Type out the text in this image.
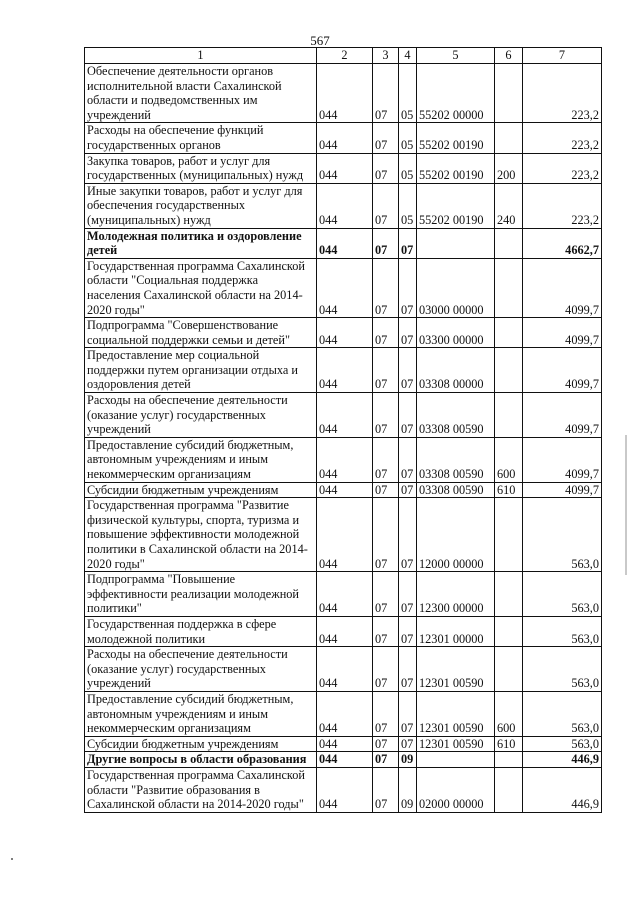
567
1	2	3	4	5	6	7
Обеспечение деятельности органов исполнительной власти Сахалинской области и подведомственных им учреждений	044	07	05	55202 00000		223,2
Расходы на обеспечение функций государственных органов	044	07	05	55202 00190		223,2
Закупка товаров, работ и услуг для государственных (муниципальных) нужд	044	07	05	55202 00190	200	223,2
Иные закупки товаров, работ и услуг для обеспечения государственных (муниципальных) нужд	044	07	05	55202 00190	240	223,2
Молодежная политика и оздоровление детей	044	07	07			4662,7
Государственная программа Сахалинской области "Социальная поддержка населения Сахалинской области на 2014-2020 годы"	044	07	07	03000 00000		4099,7
Подпрограмма "Совершенствование социальной поддержки семьи и детей"	044	07	07	03300 00000		4099,7
Предоставление мер социальной поддержки путем организации отдыха и оздоровления детей	044	07	07	03308 00000		4099,7
Расходы на обеспечение деятельности (оказание услуг) государственных учреждений	044	07	07	03308 00590		4099,7
Предоставление субсидий бюджетным, автономным учреждениям и иным некоммерческим организациям	044	07	07	03308 00590	600	4099,7
Субсидии бюджетным учреждениям	044	07	07	03308 00590	610	4099,7
Государственная программа "Развитие физической культуры, спорта, туризма и повышение эффективности молодежной политики в Сахалинской области на 2014-2020 годы"	044	07	07	12000 00000		563,0
Подпрограмма "Повышение эффективности реализации молодежной политики"	044	07	07	12300 00000		563,0
Государственная поддержка в сфере молодежной политики	044	07	07	12301 00000		563,0
Расходы на обеспечение деятельности (оказание услуг) государственных учреждений	044	07	07	12301 00590		563,0
Предоставление субсидий бюджетным, автономным учреждениям и иным некоммерческим организациям	044	07	07	12301 00590	600	563,0
Субсидии бюджетным учреждениям	044	07	07	12301 00590	610	563,0
Другие вопросы в области образования	044	07	09			446,9
Государственная программа Сахалинской области "Развитие образования в Сахалинской области на 2014-2020 годы"	044	07	09	02000 00000		446,9
